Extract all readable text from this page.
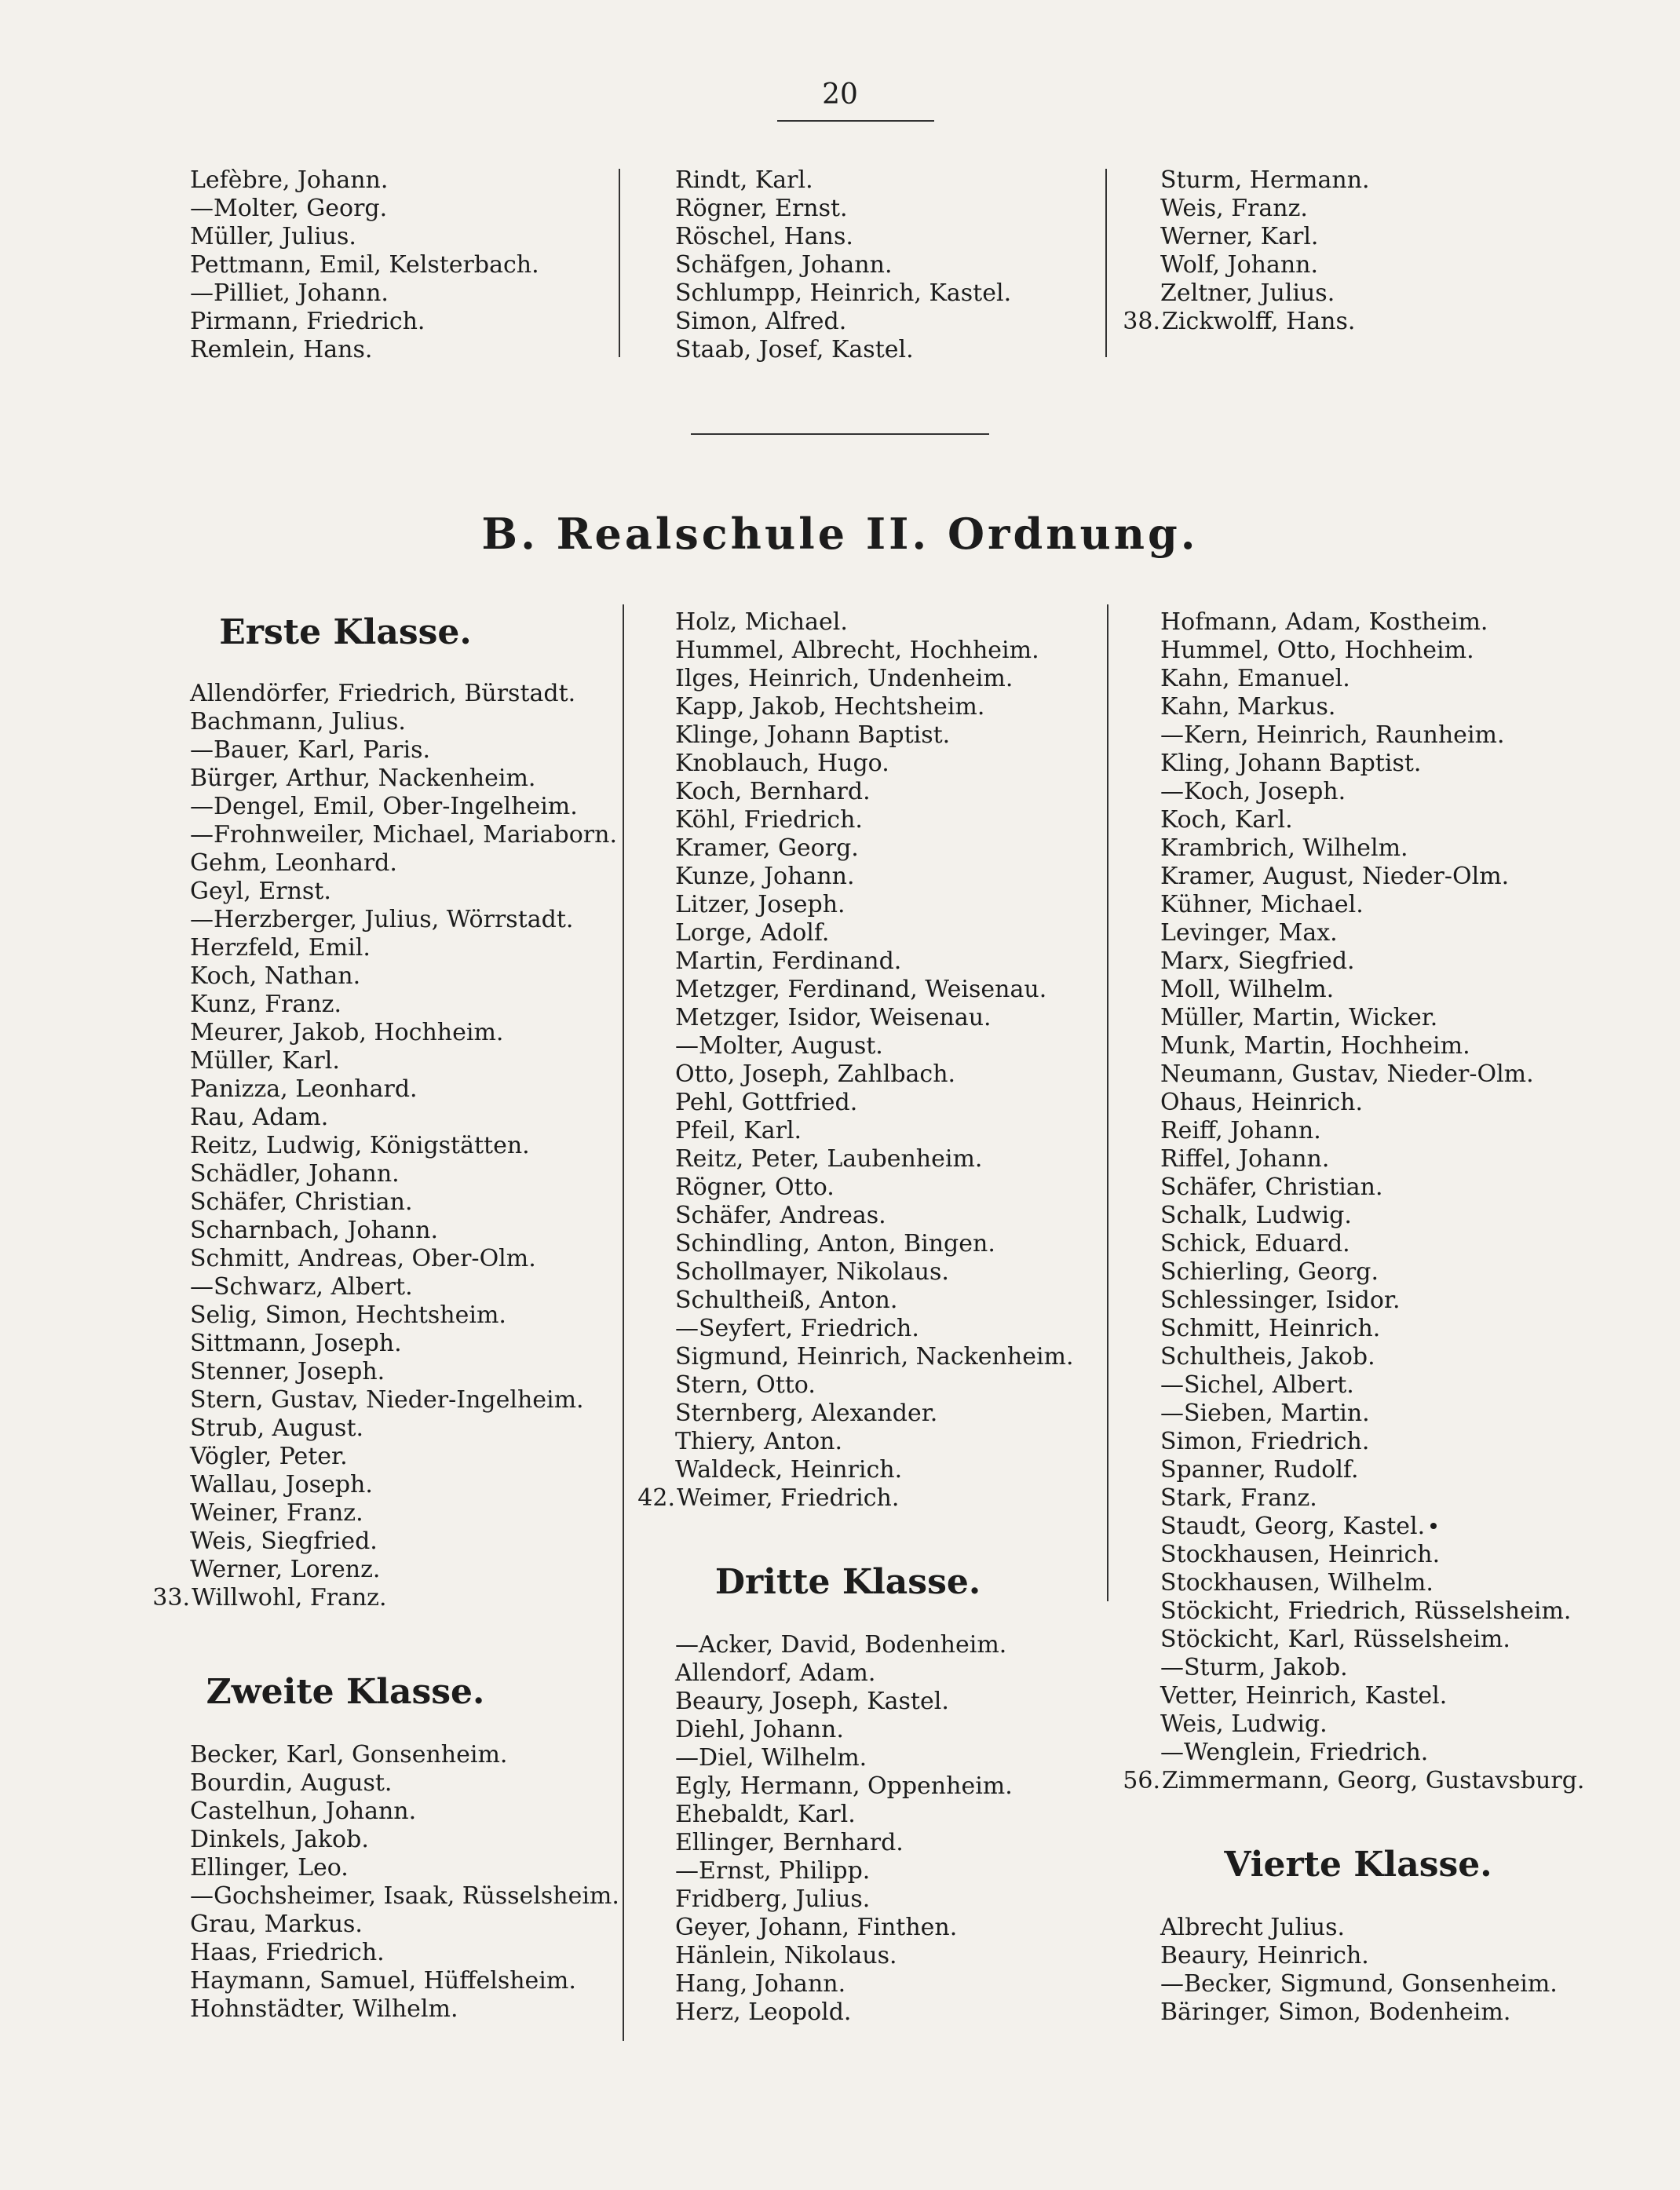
20
Lefèbre, Johann.
—Molter, Georg.
Müller, Julius.
Pettmann, Emil, Kelsterbach.
—Pilliet, Johann.
Pirmann, Friedrich.
Remlein, Hans.
Rindt, Karl.
Rögner, Ernst.
Röschel, Hans.
Schäfgen, Johann.
Schlumpp, Heinrich, Kastel.
Simon, Alfred.
Staab, Josef, Kastel.
Sturm, Hermann.
Weis, Franz.
Werner, Karl.
Wolf, Johann.
Zeltner, Julius.
38.Zickwolff, Hans.
B. Realschule II. Ordnung.
Erste Klasse.
Allendörfer, Friedrich, Bürstadt.
Bachmann, Julius.
—Bauer, Karl, Paris.
Bürger, Arthur, Nackenheim.
—Dengel, Emil, Ober-Ingelheim.
—Frohnweiler, Michael, Mariaborn.
Gehm, Leonhard.
Geyl, Ernst.
—Herzberger, Julius, Wörrstadt.
Herzfeld, Emil.
Koch, Nathan.
Kunz, Franz.
Meurer, Jakob, Hochheim.
Müller, Karl.
Panizza, Leonhard.
Rau, Adam.
Reitz, Ludwig, Königstätten.
Schädler, Johann.
Schäfer, Christian.
Scharnbach, Johann.
Schmitt, Andreas, Ober-Olm.
—Schwarz, Albert.
Selig, Simon, Hechtsheim.
Sittmann, Joseph.
Stenner, Joseph.
Stern, Gustav, Nieder-Ingelheim.
Strub, August.
Vögler, Peter.
Wallau, Joseph.
Weiner, Franz.
Weis, Siegfried.
Werner, Lorenz.
33.Willwohl, Franz.
Zweite Klasse.
Becker, Karl, Gonsenheim.
Bourdin, August.
Castelhun, Johann.
Dinkels, Jakob.
Ellinger, Leo.
—Gochsheimer, Isaak, Rüsselsheim.
Grau, Markus.
Haas, Friedrich.
Haymann, Samuel, Hüffelsheim.
Hohnstädter, Wilhelm.
Holz, Michael.
Hummel, Albrecht, Hochheim.
Ilges, Heinrich, Undenheim.
Kapp, Jakob, Hechtsheim.
Klinge, Johann Baptist.
Knoblauch, Hugo.
Koch, Bernhard.
Köhl, Friedrich.
Kramer, Georg.
Kunze, Johann.
Litzer, Joseph.
Lorge, Adolf.
Martin, Ferdinand.
Metzger, Ferdinand, Weisenau.
Metzger, Isidor, Weisenau.
—Molter, August.
Otto, Joseph, Zahlbach.
Pehl, Gottfried.
Pfeil, Karl.
Reitz, Peter, Laubenheim.
Rögner, Otto.
Schäfer, Andreas.
Schindling, Anton, Bingen.
Schollmayer, Nikolaus.
Schultheiß, Anton.
—Seyfert, Friedrich.
Sigmund, Heinrich, Nackenheim.
Stern, Otto.
Sternberg, Alexander.
Thiery, Anton.
Waldeck, Heinrich.
42.Weimer, Friedrich.
Dritte Klasse.
—Acker, David, Bodenheim.
Allendorf, Adam.
Beaury, Joseph, Kastel.
Diehl, Johann.
—Diel, Wilhelm.
Egly, Hermann, Oppenheim.
Ehebaldt, Karl.
Ellinger, Bernhard.
—Ernst, Philipp.
Fridberg, Julius.
Geyer, Johann, Finthen.
Hänlein, Nikolaus.
Hang, Johann.
Herz, Leopold.
Hofmann, Adam, Kostheim.
Hummel, Otto, Hochheim.
Kahn, Emanuel.
Kahn, Markus.
—Kern, Heinrich, Raunheim.
Kling, Johann Baptist.
—Koch, Joseph.
Koch, Karl.
Krambrich, Wilhelm.
Kramer, August, Nieder-Olm.
Kühner, Michael.
Levinger, Max.
Marx, Siegfried.
Moll, Wilhelm.
Müller, Martin, Wicker.
Munk, Martin, Hochheim.
Neumann, Gustav, Nieder-Olm.
Ohaus, Heinrich.
Reiff, Johann.
Riffel, Johann.
Schäfer, Christian.
Schalk, Ludwig.
Schick, Eduard.
Schierling, Georg.
Schlessinger, Isidor.
Schmitt, Heinrich.
Schultheis, Jakob.
—Sichel, Albert.
—Sieben, Martin.
Simon, Friedrich.
Spanner, Rudolf.
Stark, Franz.
Staudt, Georg, Kastel.
Stockhausen, Heinrich.
Stockhausen, Wilhelm.
Stöckicht, Friedrich, Rüsselsheim.
Stöckicht, Karl, Rüsselsheim.
—Sturm, Jakob.
Vetter, Heinrich, Kastel.
Weis, Ludwig.
—Wenglein, Friedrich.
56.Zimmermann, Georg, Gustavsburg.
Vierte Klasse.
Albrecht Julius.
Beaury, Heinrich.
—Becker, Sigmund, Gonsenheim.
Bäringer, Simon, Bodenheim.
